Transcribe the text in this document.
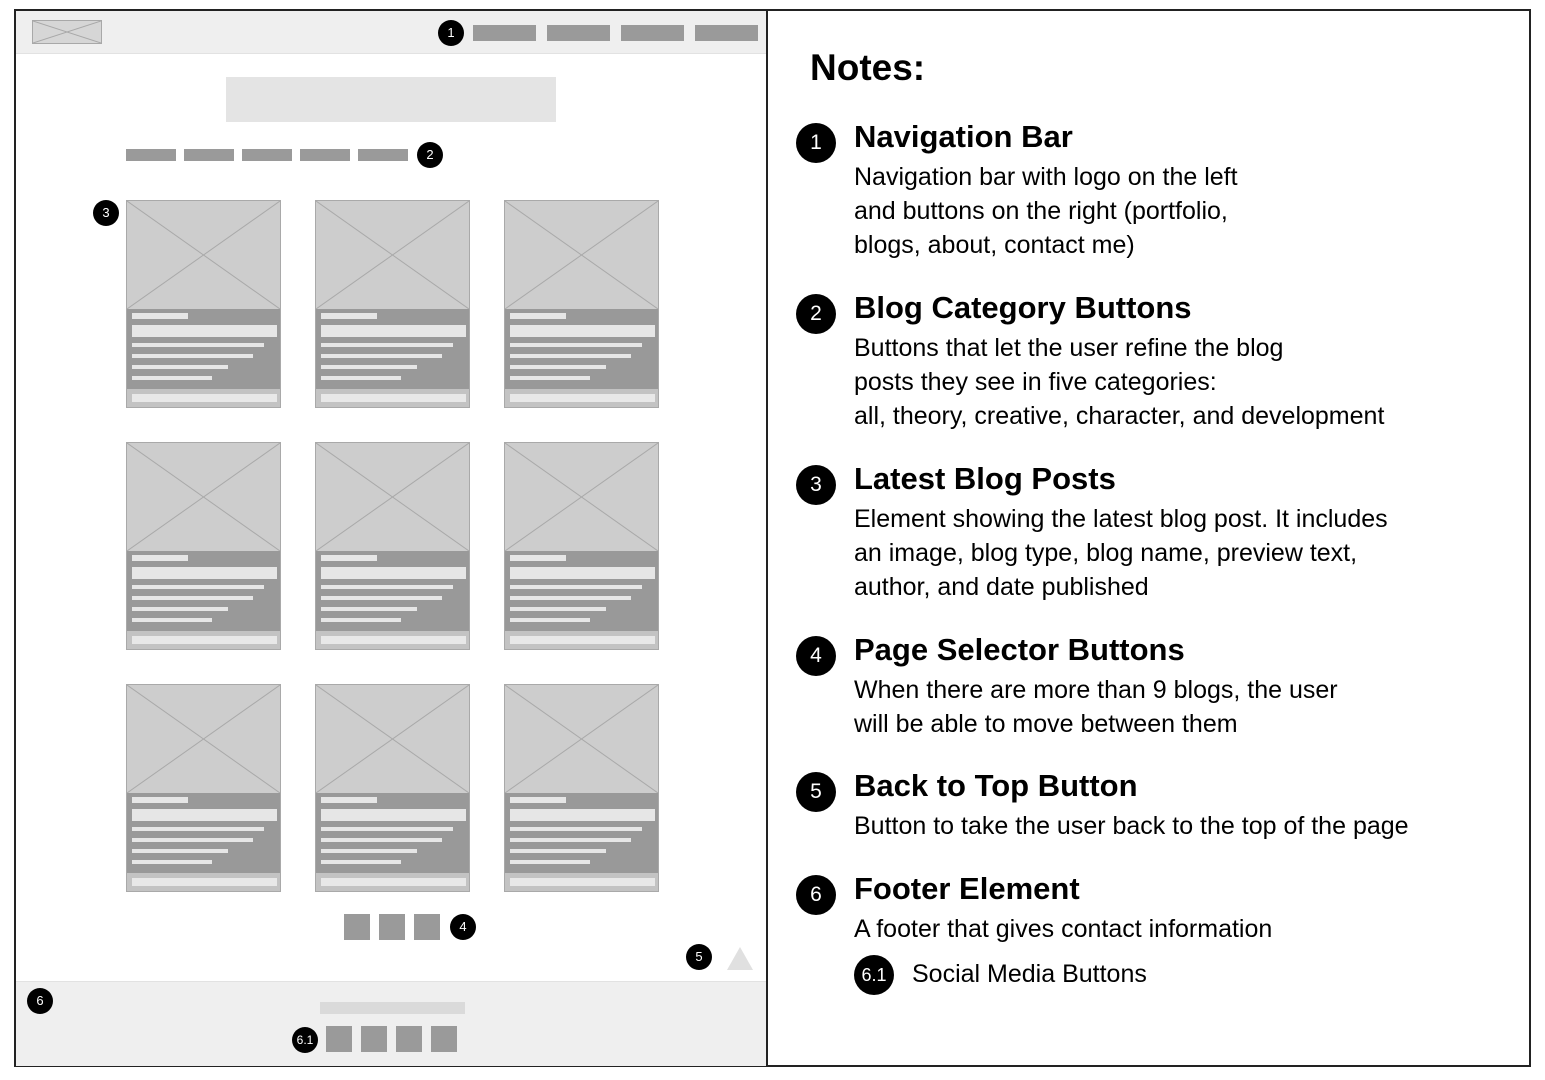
1
2
3
4
5
6
6.1
Notes:
1	Navigation Bar
Navigation bar with logo on the left
and buttons on the right (portfolio,
blogs, about, contact me)
2	Blog Category Buttons
Buttons that let the user refine the blog
posts they see in five categories:
all, theory, creative, character, and development
3	Latest Blog Posts
Element showing the latest blog post. It includes
an image, blog type, blog name, preview text,
author, and date published
4	Page Selector Buttons
When there are more than 9 blogs, the user
will be able to move between them
5	Back to Top Button
Button to take the user back to the top of the page
6	Footer Element
A footer that gives contact information
6.1 Social Media Buttons
